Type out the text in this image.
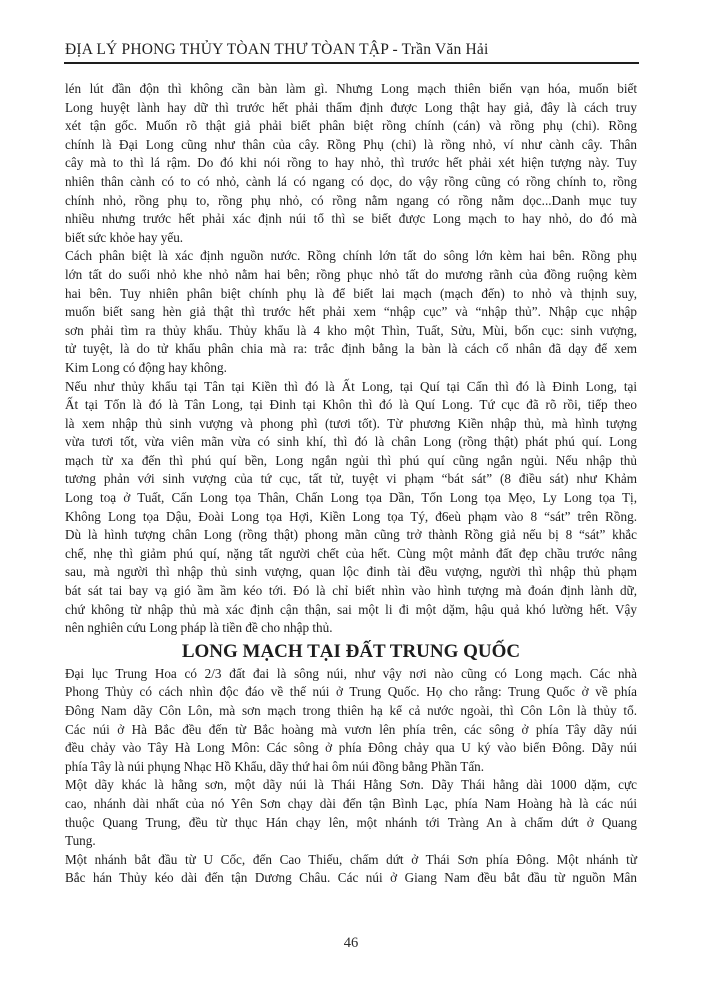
ĐỊA LÝ PHONG THỦY TÒAN THƯ TÒAN TẬP - Trần Văn Hải
lén lút đần độn thì không cần bàn làm gì. Nhưng Long mạch thiên biến vạn hóa, muốn biết
Long huyệt lành hay dữ thì trước hết phải thẩm định được Long thật hay giả, đây là cách truy
xét tận gốc. Muốn rõ thật giả phải biết phân biệt rồng chính (cán) và rồng phụ (chi). Rồng
chính là Đại Long cũng như thân của cây. Rồng Phụ (chi) là rồng nhỏ, ví như cành cây. Thân
cây mà to thì lá rậm. Do đó khi nói rồng to hay nhỏ, thì trước hết phải xét hiện tượng này. Tuy
nhiên thân cành có to có nhỏ, cành lá có ngang có dọc, do vậy rồng cũng có rồng chính to, rồng
chính nhỏ, rồng phụ to, rồng phụ nhỏ, có rồng nằm ngang có rồng nằm dọc...Danh mục tuy
nhiều nhưng trước hết phải xác định núi tổ thì se biết được Long mạch to hay nhỏ, do đó mà
biết sức khỏe hay yếu.
Cách phân biệt là xác định nguồn nước. Rồng chính lớn tất do sông lớn kèm hai bên. Rồng phụ
lớn tất do suối nhỏ khe nhỏ nằm hai bên; rồng phục nhỏ tất do mương rãnh của đồng ruộng kèm
hai bên. Tuy nhiên phân biệt chính phụ là để biết lai mạch (mạch đến) to nhỏ và thịnh suy,
muốn biết sang hèn giả thật thì trước hết phải xem “nhập cục” và “nhập thủ”. Nhập cục nhập
sơn phải tìm ra thủy khẩu. Thủy khẩu là 4 kho một Thìn, Tuất, Sửu, Mùi, bốn cục: sinh vượng,
tử tuyệt, là do tử khẩu phân chia mà ra: trắc định bằng la bàn là cách cổ nhân đã dạy để xem
Kim Long có động hay không.
Nếu như thủy khẩu tại Tân tại Kiền thì đó là Ất Long, tại Quí tại Cấn thì đó là Đinh Long, tại
Ất tại Tốn là đó là Tân Long, tại Đinh tại Khôn thì đó là Quí Long. Tứ cục đã rõ rồi, tiếp theo
là xem nhập thủ sinh vượng và phong phì (tươi tốt). Từ phương Kiền nhập thủ, mà hình tượng
vừa tươi tốt, vừa viên mãn vừa có sinh khí, thì đó là chân Long (rồng thật) phát phú quí. Long
mạch từ xa đến thì phú quí bền, Long ngắn ngủi thì phú quí cũng ngắn ngủi. Nếu nhập thủ
tương phản với sinh vượng của tứ cục, tất tử, tuyệt vi phạm “bát sát” (8 điều sát) như Khảm
Long toạ ở Tuất, Cấn Long tọa Thân, Chấn Long tọa Dần, Tốn Long tọa Mẹo, Ly Long tọa Tị,
Không Long tọa Dậu, Đoài Long tọa Hợi, Kiền Long tọa Tý, đ6eù phạm vào 8 “sát” trên Rồng.
Dù là hình tượng chân Long (rồng thật) phong mãn cũng trở thành Rồng giả nếu bị 8 “sát” khắc
chế, nhẹ thì giảm phú quí, nặng tất người chết của hết. Cùng một mảnh đất đẹp chầu trước nâng
sau, mà người thì nhập thủ sinh vượng, quan lộc đinh tài đều vượng, người thì nhập thủ phạm
bát sát tai bay vạ gió ầm ầm kéo tới. Đó là chỉ biết nhìn vào hình tượng mà đoán định lành dữ,
chứ không từ nhập thủ mà xác định cận thận, sai một li đi một dặm, hậu quả khó lường hết. Vậy
nên nghiên cứu Long pháp là tiền đề cho nhập thủ.
LONG MẠCH TẠI ĐẤT TRUNG QUỐC
Đại lục Trung Hoa có 2/3 đất đai là sông núi, như vậy nơi nào cũng có Long mạch. Các nhà
Phong Thủy có cách nhìn độc đáo về thế núi ở Trung Quốc. Họ cho rằng: Trung Quốc ở về phía
Đông Nam dãy Côn Lôn, mà sơn mạch trong thiên hạ kể cả nước ngoài, thì Côn Lôn là thủy tổ.
Các núi ở Hà Bắc đều đến từ Bắc hoàng mà vươn lên phía trên, các sông ở phía Tây dãy núi
đều chảy vào Tây Hà Long Môn: Các sông ở phía Đông chảy qua U ký vào biển Đông. Dãy núi
phía Tây là núi phụng Nhạc Hồ Khẩu, dãy thứ hai ôm núi đồng bằng Phần Tấn.
Một dãy khác là hằng sơn, một dãy núi là Thái Hằng Sơn. Dãy Thái hằng dài 1000 dặm, cực
cao, nhánh dài nhất của nó Yên Sơn chạy dài đến tận Bình Lạc, phía Nam Hoàng hà là các núi
thuộc Quang Trung, đều từ thục Hán chạy lên, một nhánh tới Tràng An à chấm dứt ở Quang
Tung.
Một nhánh bắt đầu từ U Cốc, đến Cao Thiếu, chấm dứt ở Thái Sơn phía Đông. Một nhánh từ
Bắc hán Thủy kéo dài đến tận Dương Châu. Các núi ở Giang Nam đều bắt đầu từ nguồn Mân
46
